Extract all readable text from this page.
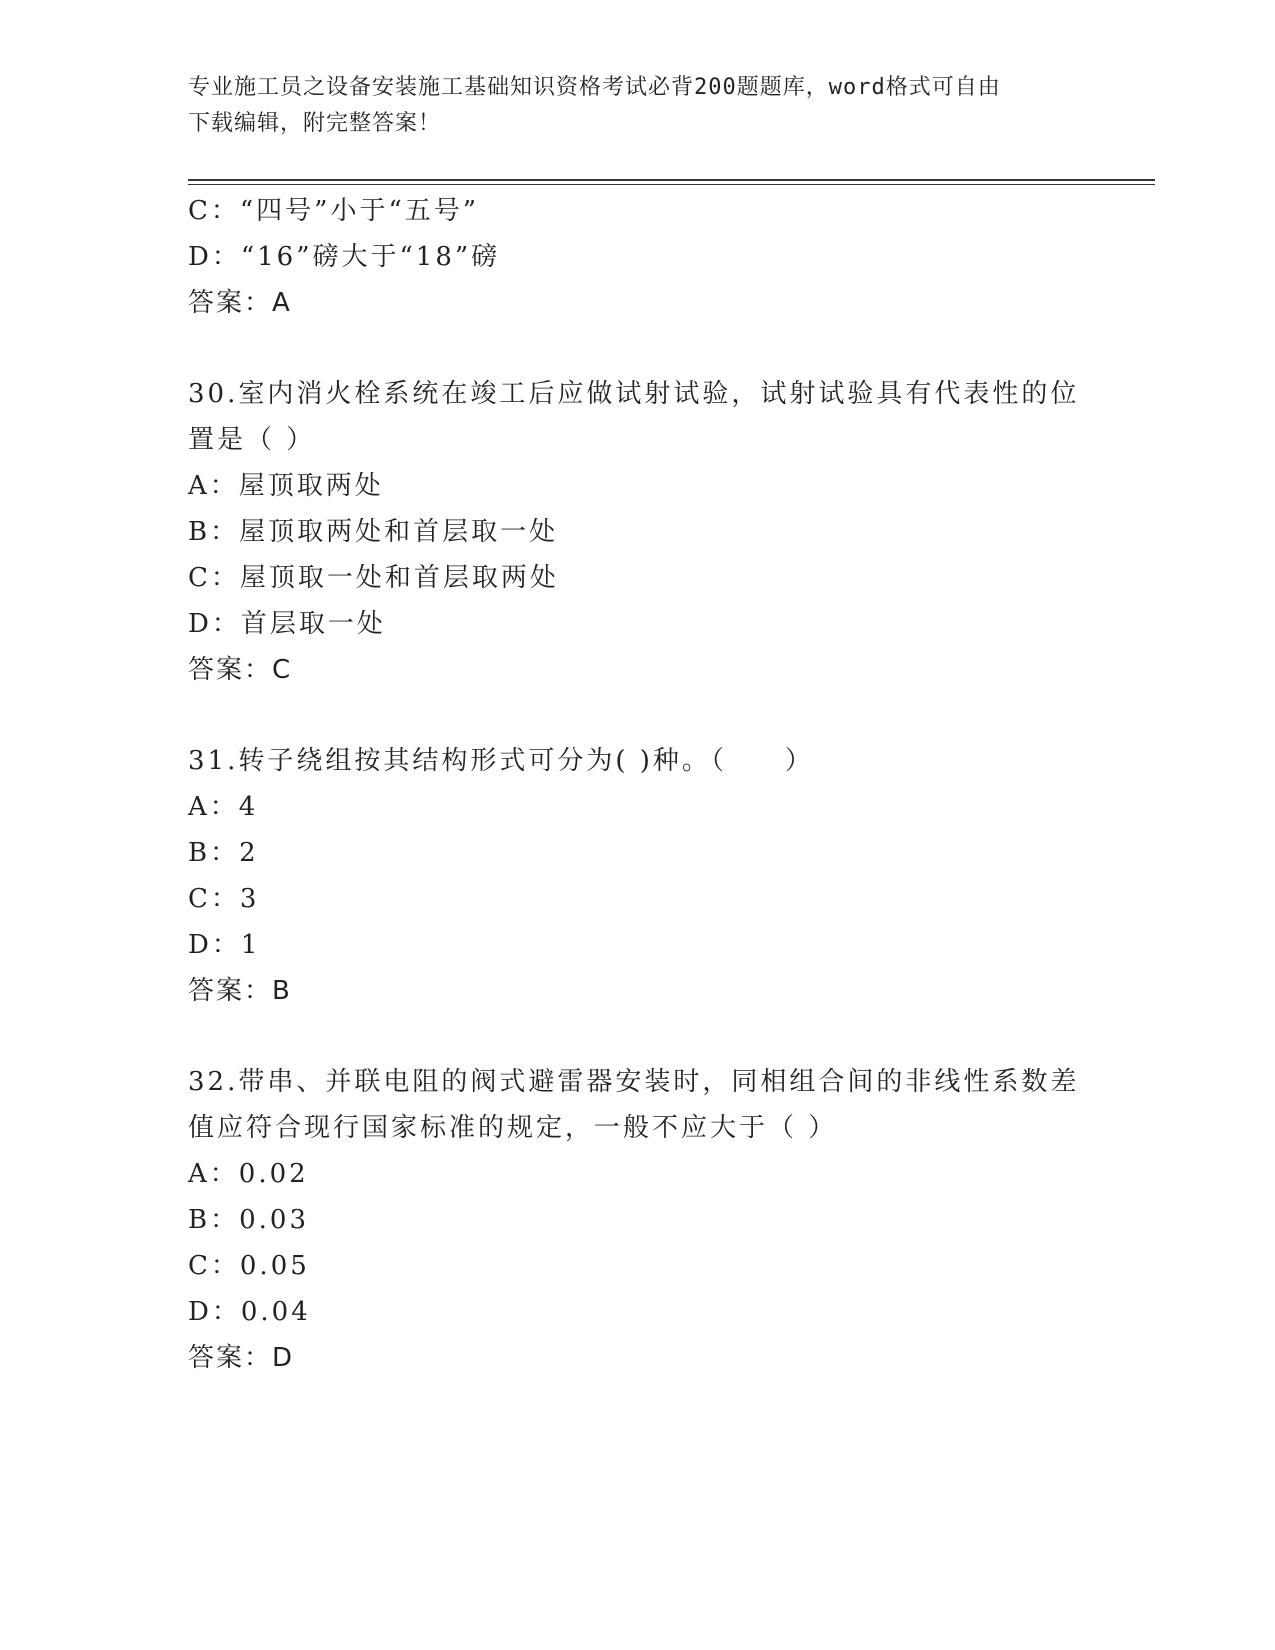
专业施工员之设备安装施工基础知识资格考试必背200题题库，word格式可自由
下载编辑，附完整答案！
C：“四号”小于“五号”
D：“16”磅大于“18”磅
答案：A
30.室内消火栓系统在竣工后应做试射试验，试射试验具有代表性的位
置是（ ）
A：屋顶取两处
B：屋顶取两处和首层取一处
C：屋顶取一处和首层取两处
D：首层取一处
答案：C
31.转子绕组按其结构形式可分为( )种。（　　）
A：4
B：2
C：3
D：1
答案：B
32.带串、并联电阻的阀式避雷器安装时，同相组合间的非线性系数差
值应符合现行国家标准的规定，一般不应大于（ ）
A：0.02
B：0.03
C：0.05
D：0.04
答案：D
